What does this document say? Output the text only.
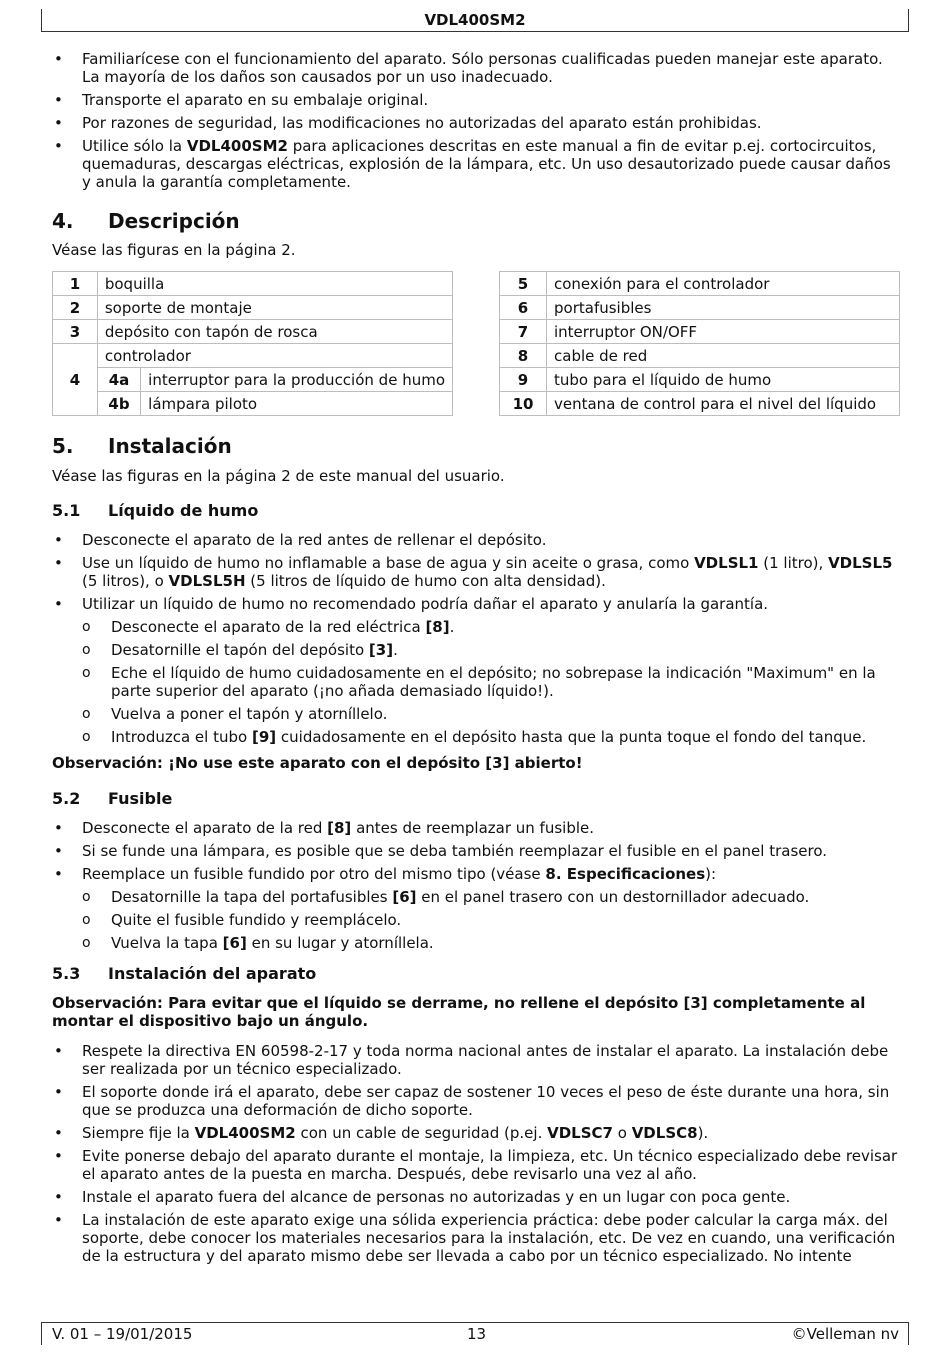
VDL400SM2
• Familiarícese con el funcionamiento del aparato. Sólo personas cualificadas pueden manejar este aparato. La mayoría de los daños son causados por un uso inadecuado.
• Transporte el aparato en su embalaje original.
• Por razones de seguridad, las modificaciones no autorizadas del aparato están prohibidas.
• Utilice sólo la VDL400SM2 para aplicaciones descritas en este manual a fin de evitar p.ej. cortocircuitos, quemaduras, descargas eléctricas, explosión de la lámpara, etc. Un uso desautorizado puede causar daños y anula la garantía completamente.
4. Descripción

Véase las figuras en la página 2.

1	boquilla	
2	soporte de montaje	
3	depósito con tapón de rosca	
4	controlador	
	4a	interruptor para la producción de humo
	4b	lámpara piloto
5	conexión para el controlador
6	portafusibles
7	interruptor ON/OFF
8	cable de red
9	tubo para el líquido de humo
10	ventana de control para el nivel del líquido
5. Instalación

Véase las figuras en la página 2 de este manual del usuario.

5.1 Líquido de humo
• Desconecte el aparato de la red antes de rellenar el depósito.
• Use un líquido de humo no inflamable a base de agua y sin aceite o grasa, como VDLSL1 (1 litro), VDLSL5 (5 litros), o VDLSL5H (5 litros de líquido de humo con alta densidad).
• Utilizar un líquido de humo no recomendado podría dañar el aparato y anularía la garantía.
o Desconecte el aparato de la red eléctrica [8].
o Desatornille el tapón del depósito [3].
o Eche el líquido de humo cuidadosamente en el depósito; no sobrepase la indicación "Maximum" en la parte superior del aparato (¡no añada demasiado líquido!).
o Vuelva a poner el tapón y atorníllelo.
o Introduzca el tubo [9] cuidadosamente en el depósito hasta que la punta toque el fondo del tanque.

Observación: ¡No use este aparato con el depósito [3] abierto!

5.2 Fusible
• Desconecte el aparato de la red [8] antes de reemplazar un fusible.
• Si se funde una lámpara, es posible que se deba también reemplazar el fusible en el panel trasero.
• Reemplace un fusible fundido por otro del mismo tipo (véase 8. Especificaciones):
o Desatornille la tapa del portafusibles [6] en el panel trasero con un destornillador adecuado.
o Quite el fusible fundido y reemplácelo.
o Vuelva la tapa [6] en su lugar y atorníllela.
5.3 Instalación del aparato

Observación: Para evitar que el líquido se derrame, no rellene el depósito [3] completamente al montar el dispositivo bajo un ángulo.

• Respete la directiva EN 60598-2-17 y toda norma nacional antes de instalar el aparato. La instalación debe ser realizada por un técnico especializado.
• El soporte donde irá el aparato, debe ser capaz de sostener 10 veces el peso de éste durante una hora, sin que se produzca una deformación de dicho soporte.
• Siempre fije la VDL400SM2 con un cable de seguridad (p.ej. VDLSC7 o VDLSC8).
• Evite ponerse debajo del aparato durante el montaje, la limpieza, etc. Un técnico especializado debe revisar el aparato antes de la puesta en marcha. Después, debe revisarlo una vez al año.
• Instale el aparato fuera del alcance de personas no autorizadas y en un lugar con poca gente.
• La instalación de este aparato exige una sólida experiencia práctica: debe poder calcular la carga máx. del soporte, debe conocer los materiales necesarios para la instalación, etc. De vez en cuando, una verificación de la estructura y del aparato mismo debe ser llevada a cabo por un técnico especializado. No intente
V. 01 – 19/01/2015	13	©Velleman nv
